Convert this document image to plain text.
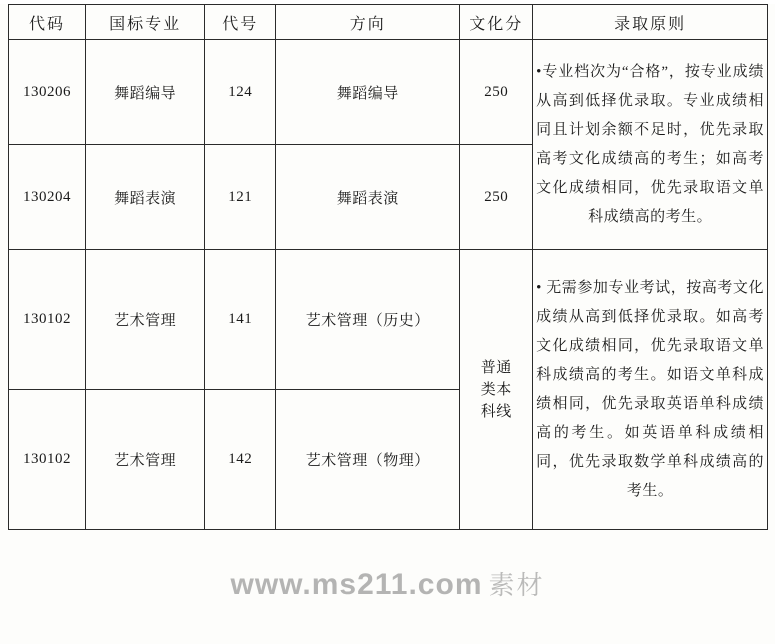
代码	国标专业	代号	方向	文化分	录取原则
130206	舞蹈编导	124	舞蹈编导	250	•专业档次为“合格”，按专业成绩从高到低择优录取。专业成绩相同且计划余额不足时，优先录取高考文化成绩高的考生；如高考文化成绩相同，优先录取语文单科成绩高的考生。

130204	舞蹈表演	121	舞蹈表演	250	
130102	艺术管理	141	艺术管理（历史）	普通类本科线	• 无需参加专业考试，按高考文化成绩从高到低择优录取。如高考文化成绩相同，优先录取语文单科成绩高的考生。如语文单科成绩相同，优先录取英语单科成绩高的考生。如英语单科成绩相同，优先录取数学单科成绩高的考生。

130102	艺术管理	142	艺术管理（物理）		
www.ms211.com 素材
